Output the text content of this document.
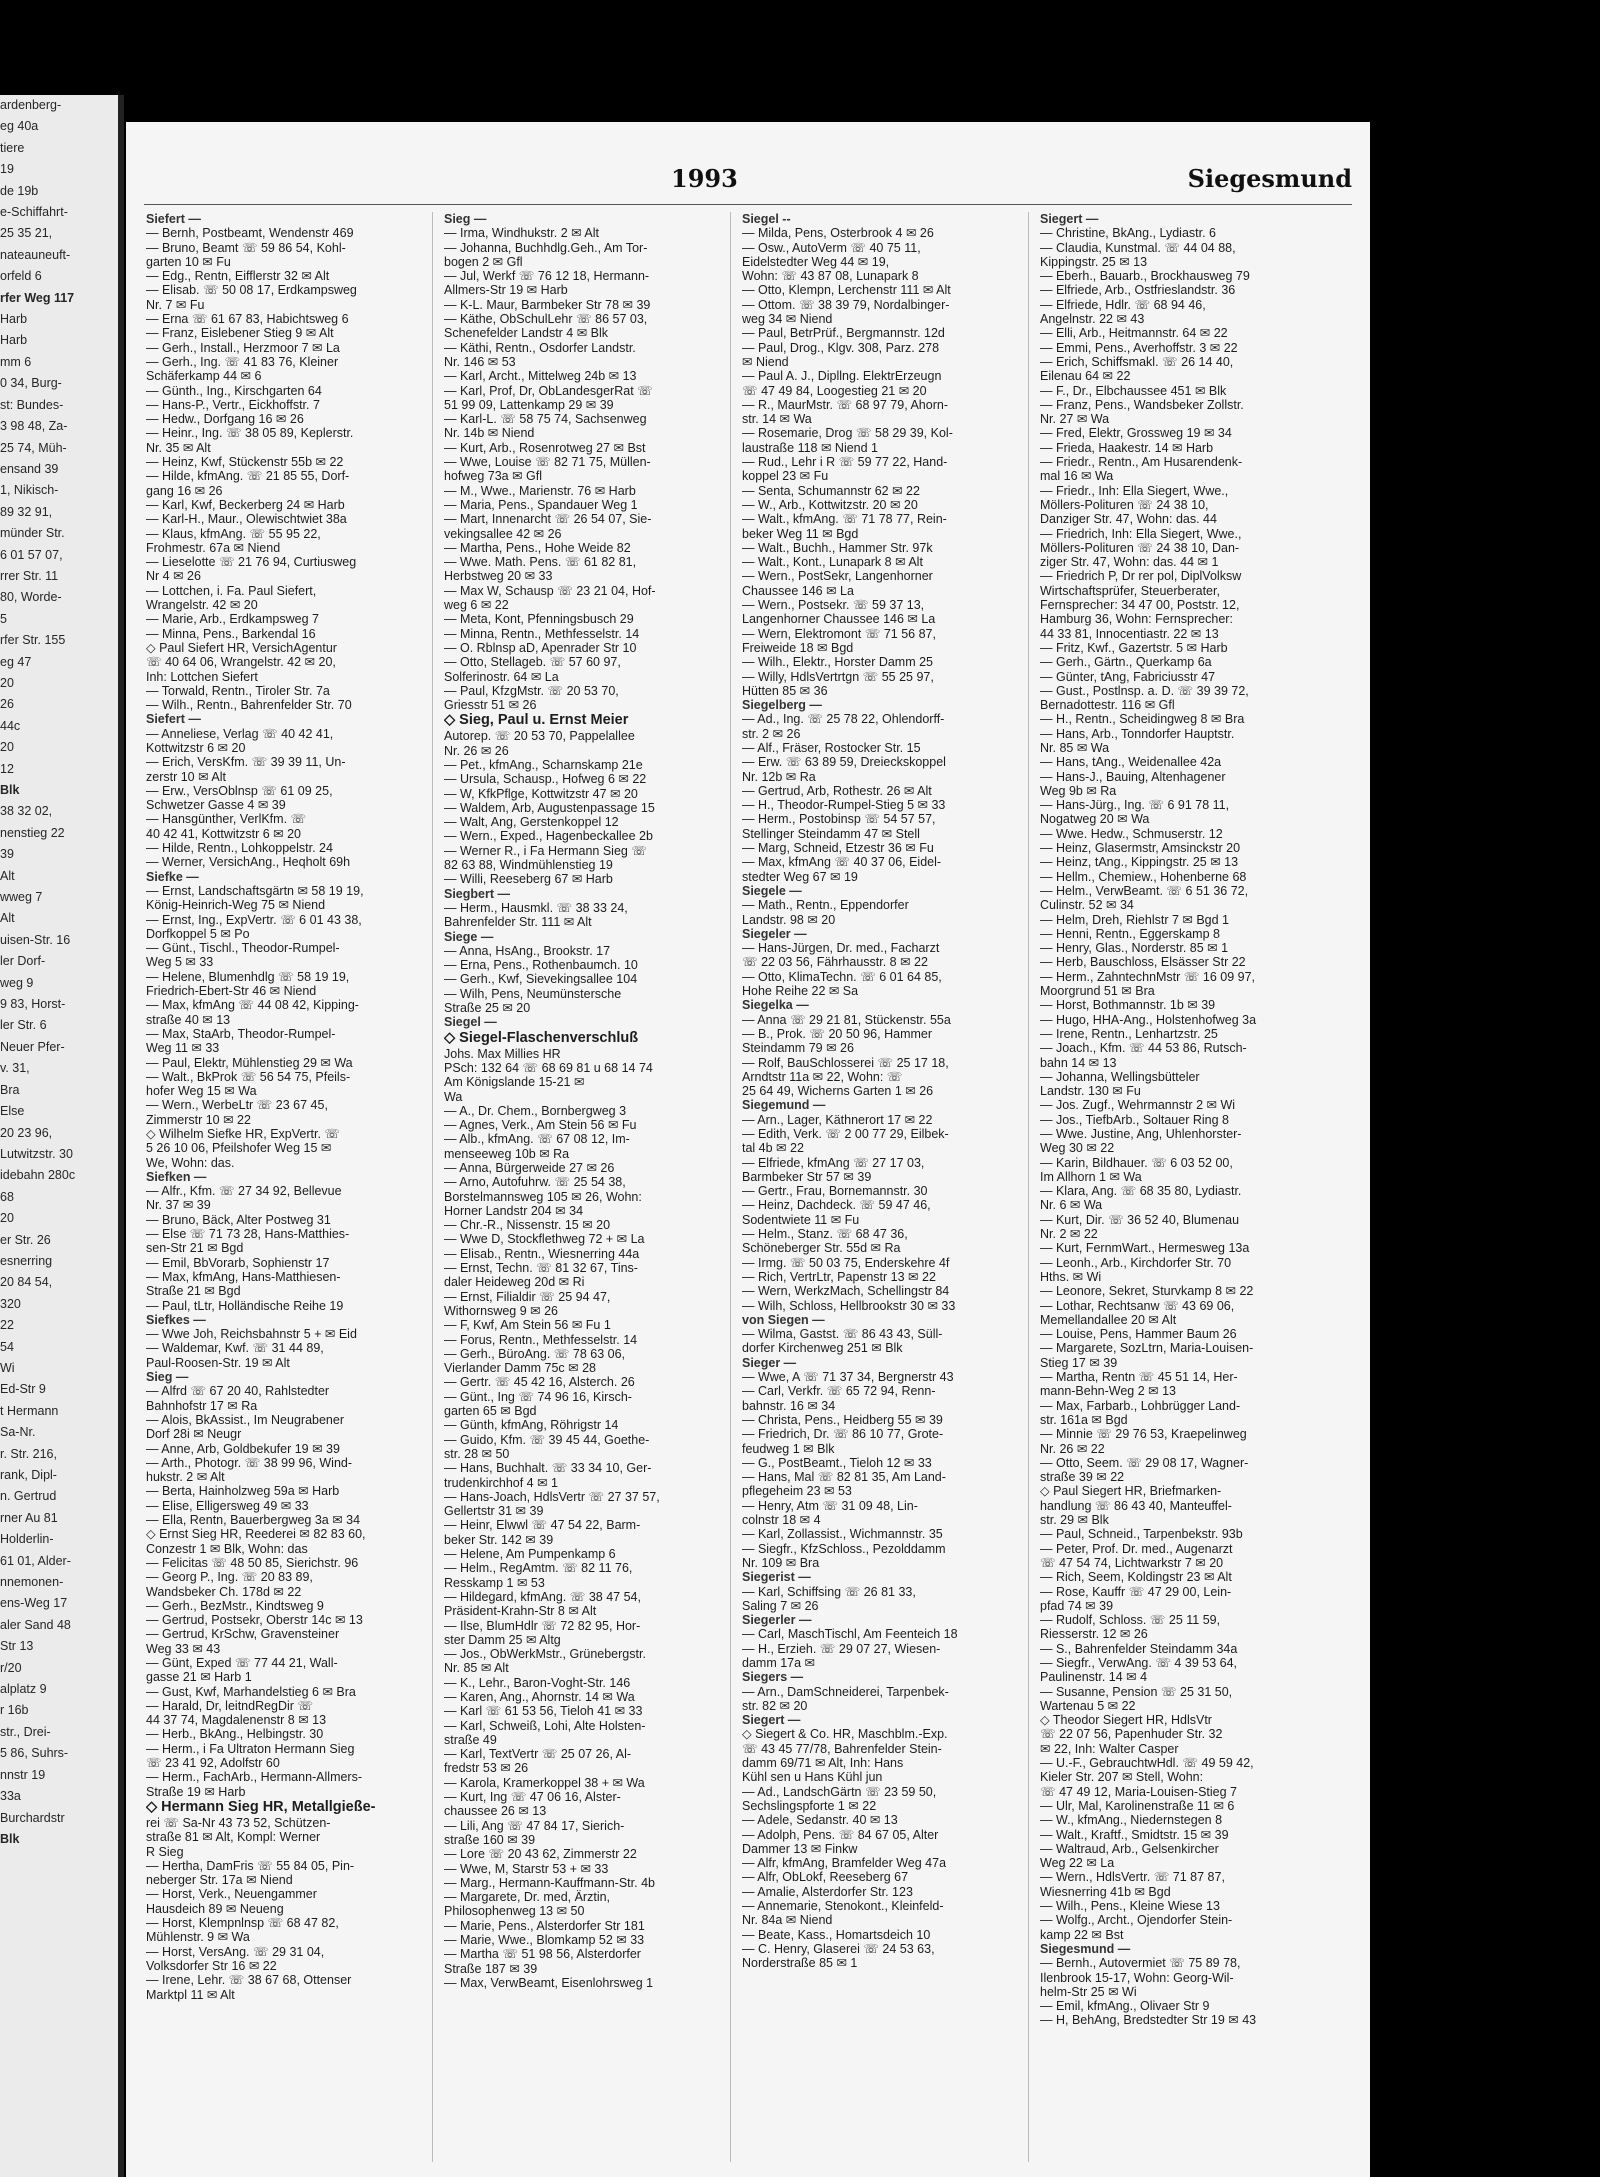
ardenberg-
eg 40a
tiere
19
de 19b
e-Schiffahrt-
25 35 21,
nateauneuft-
orfeld 6
rfer Weg 117
Harb
Harb
mm 6
0 34, Burg-
st: Bundes-
3 98 48, Za-
25 74, Müh-
ensand 39
1, Nikisch-
89 32 91,
münder Str.
6 01 57 07,
rrer Str. 11
80, Worde-
5
rfer Str. 155
eg 47
20
26
44c
20
12
Blk
38 32 02,
nenstieg 22
39
Alt
wweg 7
Alt
uisen-Str. 16
ler Dorf-
weg 9
9 83, Horst-
ler Str. 6
Neuer Pfer-
v. 31,
Bra
Else
20 23 96,
Lutwitzstr. 30
idebahn 280c
68
20
er Str. 26
esnerring
20 84 54,
320
22
54
Wi
Ed-Str 9
t Hermann
Sa-Nr.
r. Str. 216,
rank, Dipl-
n. Gertrud
rner Au 81
Holderlin-
61 01, Alder-
nnemonen-
ens-Weg 17
aler Sand 48
Str 13
r/20
alplatz 9
r 16b
str., Drei-
5 86, Suhrs-
nnstr 19
33a
Burchardstr
Blk
1993	Siegesmund
Siefert —
— Bernh, Postbeamt, Wendenstr 469
— Bruno, Beamt ☏ 59 86 54, Kohl-
garten 10 ✉ Fu
— Edg., Rentn, Eifflerstr 32 ✉ Alt
— Elisab. ☏ 50 08 17, Erdkampsweg
Nr. 7 ✉ Fu
— Erna ☏ 61 67 83, Habichtsweg 6
— Franz, Eislebener Stieg 9 ✉ Alt
— Gerh., Install., Herzmoor 7 ✉ La
— Gerh., Ing. ☏ 41 83 76, Kleiner
Schäferkamp 44 ✉ 6
— Günth., Ing., Kirschgarten 64
— Hans-P., Vertr., Eickhoffstr. 7
— Hedw., Dorfgang 16 ✉ 26
— Heinr., Ing. ☏ 38 05 89, Keplerstr.
Nr. 35 ✉ Alt
— Heinz, Kwf, Stückenstr 55b ✉ 22
— Hilde, kfmAng. ☏ 21 85 55, Dorf-
gang 16 ✉ 26
— Karl, Kwf, Beckerberg 24 ✉ Harb
— Karl-H., Maur., Olewischtwiet 38a
— Klaus, kfmAng. ☏ 55 95 22,
Frohmestr. 67a ✉ Niend
— Lieselotte ☏ 21 76 94, Curtiusweg
Nr 4 ✉ 26
— Lottchen, i. Fa. Paul Siefert,
Wrangelstr. 42 ✉ 20
— Marie, Arb., Erdkampsweg 7
— Minna, Pens., Barkendal 16
◇ Paul Siefert HR, VersichAgentur
☏ 40 64 06, Wrangelstr. 42 ✉ 20,
Inh: Lottchen Siefert
— Torwald, Rentn., Tiroler Str. 7a
— Wilh., Rentn., Bahrenfelder Str. 70
Siefert —
— Anneliese, Verlag ☏ 40 42 41,
Kottwitzstr 6 ✉ 20
— Erich, VersKfm. ☏ 39 39 11, Un-
zerstr 10 ✉ Alt
— Erw., VersOblnsp ☏ 61 09 25,
Schwetzer Gasse 4 ✉ 39
— Hansgünther, VerlKfm. ☏
40 42 41, Kottwitzstr 6 ✉ 20
— Hilde, Rentn., Lohkoppelstr. 24
— Werner, VersichAng., Heqholt 69h
Siefke —
— Ernst, Landschaftsgärtn ✉ 58 19 19,
König-Heinrich-Weg 75 ✉ Niend
— Ernst, Ing., ExpVertr. ☏ 6 01 43 38,
Dorfkoppel 5 ✉ Po
— Günt., Tischl., Theodor-Rumpel-
Weg 5 ✉ 33
— Helene, Blumenhdlg ☏ 58 19 19,
Friedrich-Ebert-Str 46 ✉ Niend
— Max, kfmAng ☏ 44 08 42, Kipping-
straße 40 ✉ 13
— Max, StaArb, Theodor-Rumpel-
Weg 11 ✉ 33
— Paul, Elektr, Mühlenstieg 29 ✉ Wa
— Walt., BkProk ☏ 56 54 75, Pfeils-
hofer Weg 15 ✉ Wa
— Wern., WerbeLtr ☏ 23 67 45,
Zimmerstr 10 ✉ 22
◇ Wilhelm Siefke HR, ExpVertr. ☏
5 26 10 06, Pfeilshofer Weg 15 ✉
We, Wohn: das.
Siefken —
— Alfr., Kfm. ☏ 27 34 92, Bellevue
Nr. 37 ✉ 39
— Bruno, Bäck, Alter Postweg 31
— Else ☏ 71 73 28, Hans-Matthies-
sen-Str 21 ✉ Bgd
— Emil, BbVorarb, Sophienstr 17
— Max, kfmAng, Hans-Matthiesen-
Straße 21 ✉ Bgd
— Paul, tLtr, Holländische Reihe 19
Siefkes —
— Wwe Joh, Reichsbahnstr 5 + ✉ Eid
— Waldemar, Kwf. ☏ 31 44 89,
Paul-Roosen-Str. 19 ✉ Alt
Sieg —
— Alfrd ☏ 67 20 40, Rahlstedter
Bahnhofstr 17 ✉ Ra
— Alois, BkAssist., Im Neugrabener
Dorf 28i ✉ Neugr
— Anne, Arb, Goldbekufer 19 ✉ 39
— Arth., Photogr. ☏ 38 99 96, Wind-
hukstr. 2 ✉ Alt
— Berta, Hainholzweg 59a ✉ Harb
— Elise, Elligersweg 49 ✉ 33
— Ella, Rentn, Bauerbergweg 3a ✉ 34
◇ Ernst Sieg HR, Reederei ✉ 82 83 60,
Conzestr 1 ✉ Blk, Wohn: das
— Felicitas ☏ 48 50 85, Sierichstr. 96
— Georg P., Ing. ☏ 20 83 89,
Wandsbeker Ch. 178d ✉ 22
— Gerh., BezMstr., Kindtsweg 9
— Gertrud, Postsekr, Oberstr 14c ✉ 13
— Gertrud, KrSchw, Gravensteiner
Weg 33 ✉ 43
— Günt, Exped ☏ 77 44 21, Wall-
gasse 21 ✉ Harb 1
— Gust, Kwf, Marhandelstieg 6 ✉ Bra
— Harald, Dr, leitndRegDir ☏
44 37 74, Magdalenenstr 8 ✉ 13
— Herb., BkAng., Helbingstr. 30
— Herm., i Fa Ultraton Hermann Sieg
☏ 23 41 92, Adolfstr 60
— Herm., FachArb., Hermann-Allmers-
Straße 19 ✉ Harb
◇ Hermann Sieg HR, Metallgieße-
rei ☏ Sa-Nr 43 73 52, Schützen-
straße 81 ✉ Alt, Kompl: Werner
R Sieg
— Hertha, DamFris ☏ 55 84 05, Pin-
neberger Str. 17a ✉ Niend
— Horst, Verk., Neuengammer
Hausdeich 89 ✉ Neueng
— Horst, Klempnlnsp ☏ 68 47 82,
Mühlenstr. 9 ✉ Wa
— Horst, VersAng. ☏ 29 31 04,
Volksdorfer Str 16 ✉ 22
— Irene, Lehr. ☏ 38 67 68, Ottenser
Marktpl 11 ✉ Alt
Sieg —
— Irma, Windhukstr. 2 ✉ Alt
— Johanna, Buchhdlg.Geh., Am Tor-
bogen 2 ✉ Gfl
— Jul, Werkf ☏ 76 12 18, Hermann-
Allmers-Str 19 ✉ Harb
— K-L. Maur, Barmbeker Str 78 ✉ 39
— Käthe, ObSchulLehr ☏ 86 57 03,
Schenefelder Landstr 4 ✉ Blk
— Käthi, Rentn., Osdorfer Landstr.
Nr. 146 ✉ 53
— Karl, Archt., Mittelweg 24b ✉ 13
— Karl, Prof, Dr, ObLandesgerRat ☏
51 99 09, Lattenkamp 29 ✉ 39
— Karl-L. ☏ 58 75 74, Sachsenweg
Nr. 14b ✉ Niend
— Kurt, Arb., Rosenrotweg 27 ✉ Bst
— Wwe, Louise ☏ 82 71 75, Müllen-
hofweg 73a ✉ Gfl
— M., Wwe., Marienstr. 76 ✉ Harb
— Maria, Pens., Spandauer Weg 1
— Mart, Innenarcht ☏ 26 54 07, Sie-
vekingsallee 42 ✉ 26
— Martha, Pens., Hohe Weide 82
— Wwe. Math. Pens. ☏ 61 82 81,
Herbstweg 20 ✉ 33
— Max W, Schausp ☏ 23 21 04, Hof-
weg 6 ✉ 22
— Meta, Kont, Pfenningsbusch 29
— Minna, Rentn., Methfesselstr. 14
— O. Rblnsp aD, Apenrader Str 10
— Otto, Stellageb. ☏ 57 60 97,
Solferinostr. 64 ✉ La
— Paul, KfzgMstr. ☏ 20 53 70,
Griesstr 51 ✉ 26
◇ Sieg, Paul u. Ernst Meier
Autorep. ☏ 20 53 70, Pappelallee
Nr. 26 ✉ 26
— Pet., kfmAng., Scharnskamp 21e
— Ursula, Schausp., Hofweg 6 ✉ 22
— W, KfkPflge, Kottwitzstr 47 ✉ 20
— Waldem, Arb, Augustenpassage 15
— Walt, Ang, Gerstenkoppel 12
— Wern., Exped., Hagenbeckallee 2b
— Werner R., i Fa Hermann Sieg ☏
82 63 88, Windmühlenstieg 19
— Willi, Reeseberg 67 ✉ Harb
Siegbert —
— Herm., Hausmkl. ☏ 38 33 24,
Bahrenfelder Str. 111 ✉ Alt
Siege —
— Anna, HsAng., Brookstr. 17
— Erna, Pens., Rothenbaumch. 10
— Gerh., Kwf, Sievekingsallee 104
— Wilh, Pens, Neumünstersche
Straße 25 ✉ 20
Siegel —
◇ Siegel-Flaschenverschluß
Johs. Max Millies HR
PSch: 132 64 ☏ 68 69 81 u 68 14 74
Am Königslande 15-21 ✉
Wa
— A., Dr. Chem., Bornbergweg 3
— Agnes, Verk., Am Stein 56 ✉ Fu
— Alb., kfmAng. ☏ 67 08 12, Im-
menseeweg 10b ✉ Ra
— Anna, Bürgerweide 27 ✉ 26
— Arno, Autofuhrw. ☏ 25 54 38,
Borstelmannsweg 105 ✉ 26, Wohn:
Horner Landstr 204 ✉ 34
— Chr.-R., Nissenstr. 15 ✉ 20
— Wwe D, Stockflethweg 72 + ✉ La
— Elisab., Rentn., Wiesnerring 44a
— Ernst, Techn. ☏ 81 32 67, Tins-
daler Heideweg 20d ✉ Ri
— Ernst, Filialdir ☏ 25 94 47,
Withornsweg 9 ✉ 26
— F, Kwf, Am Stein 56 ✉ Fu 1
— Forus, Rentn., Methfesselstr. 14
— Gerh., BüroAng. ☏ 78 63 06,
Vierlander Damm 75c ✉ 28
— Gertr. ☏ 45 42 16, Alsterch. 26
— Günt., Ing ☏ 74 96 16, Kirsch-
garten 65 ✉ Bgd
— Günth, kfmAng, Röhrigstr 14
— Guido, Kfm. ☏ 39 45 44, Goethe-
str. 28 ✉ 50
— Hans, Buchhalt. ☏ 33 34 10, Ger-
trudenkirchhof 4 ✉ 1
— Hans-Joach, HdlsVertr ☏ 27 37 57,
Gellertstr 31 ✉ 39
— Heinr, Elwwl ☏ 47 54 22, Barm-
beker Str. 142 ✉ 39
— Helene, Am Pumpenkamp 6
— Helm., RegAmtm. ☏ 82 11 76,
Resskamp 1 ✉ 53
— Hildegard, kfmAng. ☏ 38 47 54,
Präsident-Krahn-Str 8 ✉ Alt
— Ilse, BlumHdlr ☏ 72 82 95, Hor-
ster Damm 25 ✉ Altg
— Jos., ObWerkMstr., Grünebergstr.
Nr. 85 ✉ Alt
— K., Lehr., Baron-Voght-Str. 146
— Karen, Ang., Ahornstr. 14 ✉ Wa
— Karl ☏ 61 53 56, Tieloh 41 ✉ 33
— Karl, Schweiß, Lohi, Alte Holsten-
straße 49
— Karl, TextVertr ☏ 25 07 26, Al-
fredstr 53 ✉ 26
— Karola, Kramerkoppel 38 + ✉ Wa
— Kurt, Ing ☏ 47 06 16, Alster-
chaussee 26 ✉ 13
— Lili, Ang ☏ 47 84 17, Sierich-
straße 160 ✉ 39
— Lore ☏ 20 43 62, Zimmerstr 22
— Wwe, M, Starstr 53 + ✉ 33
— Marg., Hermann-Kauffmann-Str. 4b
— Margarete, Dr. med, Ärztin,
Philosophenweg 13 ✉ 50
— Marie, Pens., Alsterdorfer Str 181
— Marie, Wwe., Blomkamp 52 ✉ 33
— Martha ☏ 51 98 56, Alsterdorfer
Straße 187 ✉ 39
— Max, VerwBeamt, Eisenlohrsweg 1
Siegel --
— Milda, Pens, Osterbrook 4 ✉ 26
— Osw., AutoVerm ☏ 40 75 11,
Eidelstedter Weg 44 ✉ 19,
Wohn: ☏ 43 87 08, Lunapark 8
— Otto, Klempn, Lerchenstr 111 ✉ Alt
— Ottom. ☏ 38 39 79, Nordalbinger-
weg 34 ✉ Niend
— Paul, BetrPrüf., Bergmannstr. 12d
— Paul, Drog., Klgv. 308, Parz. 278
✉ Niend
— Paul A. J., Dipllng. ElektrErzeugn
☏ 47 49 84, Loogestieg 21 ✉ 20
— R., MaurMstr. ☏ 68 97 79, Ahorn-
str. 14 ✉ Wa
— Rosemarie, Drog ☏ 58 29 39, Kol-
laustraße 118 ✉ Niend 1
— Rud., Lehr i R ☏ 59 77 22, Hand-
koppel 23 ✉ Fu
— Senta, Schumannstr 62 ✉ 22
— W., Arb., Kottwitzstr. 20 ✉ 20
— Walt., kfmAng. ☏ 71 78 77, Rein-
beker Weg 11 ✉ Bgd
— Walt., Buchh., Hammer Str. 97k
— Walt., Kont., Lunapark 8 ✉ Alt
— Wern., PostSekr, Langenhorner
Chaussee 146 ✉ La
— Wern., Postsekr. ☏ 59 37 13,
Langenhorner Chaussee 146 ✉ La
— Wern, Elektromont ☏ 71 56 87,
Freiweide 18 ✉ Bgd
— Wilh., Elektr., Horster Damm 25
— Willy, HdlsVertrtgn ☏ 55 25 97,
Hütten 85 ✉ 36
Siegelberg —
— Ad., Ing. ☏ 25 78 22, Ohlendorff-
str. 2 ✉ 26
— Alf., Fräser, Rostocker Str. 15
— Erw. ☏ 63 89 59, Dreieckskoppel
Nr. 12b ✉ Ra
— Gertrud, Arb, Rothestr. 26 ✉ Alt
— H., Theodor-Rumpel-Stieg 5 ✉ 33
— Herm., Postobinsp ☏ 54 57 57,
Stellinger Steindamm 47 ✉ Stell
— Marg, Schneid, Etzestr 36 ✉ Fu
— Max, kfmAng ☏ 40 37 06, Eidel-
stedter Weg 67 ✉ 19
Siegele —
— Math., Rentn., Eppendorfer
Landstr. 98 ✉ 20
Siegeler —
— Hans-Jürgen, Dr. med., Facharzt
☏ 22 03 56, Fährhausstr. 8 ✉ 22
— Otto, KlimaTechn. ☏ 6 01 64 85,
Hohe Reihe 22 ✉ Sa
Siegelka —
— Anna ☏ 29 21 81, Stückenstr. 55a
— B., Prok. ☏ 20 50 96, Hammer
Steindamm 79 ✉ 26
— Rolf, BauSchlosserei ☏ 25 17 18,
Arndtstr 11a ✉ 22, Wohn: ☏
25 64 49, Wicherns Garten 1 ✉ 26
Siegemund —
— Arn., Lager, Käthnerort 17 ✉ 22
— Edith, Verk. ☏ 2 00 77 29, Eilbek-
tal 4b ✉ 22
— Elfriede, kfmAng ☏ 27 17 03,
Barmbeker Str 57 ✉ 39
— Gertr., Frau, Bornemannstr. 30
— Heinz, Dachdeck. ☏ 59 47 46,
Sodentwiete 11 ✉ Fu
— Helm., Stanz. ☏ 68 47 36,
Schöneberger Str. 55d ✉ Ra
— Irmg. ☏ 50 03 75, Enderskehre 4f
— Rich, VertrLtr, Papenstr 13 ✉ 22
— Wern, WerkzMach, Schellingstr 84
— Wilh, Schloss, Hellbrookstr 30 ✉ 33
von Siegen —
— Wilma, Gastst. ☏ 86 43 43, Süll-
dorfer Kirchenweg 251 ✉ Blk
Sieger —
— Wwe, A ☏ 71 37 34, Bergnerstr 43
— Carl, Verkfr. ☏ 65 72 94, Renn-
bahnstr. 16 ✉ 34
— Christa, Pens., Heidberg 55 ✉ 39
— Friedrich, Dr. ☏ 86 10 77, Grote-
feudweg 1 ✉ Blk
— G., PostBeamt., Tieloh 12 ✉ 33
— Hans, Mal ☏ 82 81 35, Am Land-
pflegeheim 23 ✉ 53
— Henry, Atm ☏ 31 09 48, Lin-
colnstr 18 ✉ 4
— Karl, Zollassist., Wichmannstr. 35
— Siegfr., KfzSchloss., Pezolddamm
Nr. 109 ✉ Bra
Siegerist —
— Karl, Schiffsing ☏ 26 81 33,
Saling 7 ✉ 26
Siegerler —
— Carl, MaschTischl, Am Feenteich 18
— H., Erzieh. ☏ 29 07 27, Wiesen-
damm 17a ✉
Siegers —
— Arn., DamSchneiderei, Tarpenbek-
str. 82 ✉ 20
Siegert —
◇ Siegert & Co. HR, Maschblm.-Exp.
☏ 43 45 77/78, Bahrenfelder Stein-
damm 69/71 ✉ Alt, Inh: Hans
Kühl sen u Hans Kühl jun
— Ad., LandschGärtn ☏ 23 59 50,
Sechslingspforte 1 ✉ 22
— Adele, Sedanstr. 40 ✉ 13
— Adolph, Pens. ☏ 84 67 05, Alter
Dammer 13 ✉ Finkw
— Alfr, kfmAng, Bramfelder Weg 47a
— Alfr, ObLokf, Reeseberg 67
— Amalie, Alsterdorfer Str. 123
— Annemarie, Stenokont., Kleinfeld-
Nr. 84a ✉ Niend
— Beate, Kass., Homartsdeich 10
— C. Henry, Glaserei ☏ 24 53 63,
Norderstraße 85 ✉ 1
Siegert —
— Christine, BkAng., Lydiastr. 6
— Claudia, Kunstmal. ☏ 44 04 88,
Kippingstr. 25 ✉ 13
— Eberh., Bauarb., Brockhausweg 79
— Elfriede, Arb., Ostfrieslandstr. 36
— Elfriede, Hdlr. ☏ 68 94 46,
Angelnstr. 22 ✉ 43
— Elli, Arb., Heitmannstr. 64 ✉ 22
— Emmi, Pens., Averhoffstr. 3 ✉ 22
— Erich, Schiffsmakl. ☏ 26 14 40,
Eilenau 64 ✉ 22
— F., Dr., Elbchaussee 451 ✉ Blk
— Franz, Pens., Wandsbeker Zollstr.
Nr. 27 ✉ Wa
— Fred, Elektr, Grossweg 19 ✉ 34
— Frieda, Haakestr. 14 ✉ Harb
— Friedr., Rentn., Am Husarendenk-
mal 16 ✉ Wa
— Friedr., Inh: Ella Siegert, Wwe.,
Möllers-Polituren ☏ 24 38 10,
Danziger Str. 47, Wohn: das. 44
— Friedrich, Inh: Ella Siegert, Wwe.,
Möllers-Polituren ☏ 24 38 10, Dan-
ziger Str. 47, Wohn: das. 44 ✉ 1
— Friedrich P, Dr rer pol, DiplVolksw
Wirtschaftsprüfer, Steuerberater,
Fernsprecher: 34 47 00, Poststr. 12,
Hamburg 36, Wohn: Fernsprecher:
44 33 81, Innocentiastr. 22 ✉ 13
— Fritz, Kwf., Gazertstr. 5 ✉ Harb
— Gerh., Gärtn., Querkamp 6a
— Günter, tAng, Fabriciusstr 47
— Gust., Postlnsp. a. D. ☏ 39 39 72,
Bernadottestr. 116 ✉ Gfl
— H., Rentn., Scheidingweg 8 ✉ Bra
— Hans, Arb., Tonndorfer Hauptstr.
Nr. 85 ✉ Wa
— Hans, tAng., Weidenallee 42a
— Hans-J., Bauing, Altenhagener
Weg 9b ✉ Ra
— Hans-Jürg., Ing. ☏ 6 91 78 11,
Nogatweg 20 ✉ Wa
— Wwe. Hedw., Schmuserstr. 12
— Heinz, Glasermstr, Amsinckstr 20
— Heinz, tAng., Kippingstr. 25 ✉ 13
— Hellm., Chemiew., Hohenberne 68
— Helm., VerwBeamt. ☏ 6 51 36 72,
Culinstr. 52 ✉ 34
— Helm, Dreh, Riehlstr 7 ✉ Bgd 1
— Henni, Rentn., Eggerskamp 8
— Henry, Glas., Norderstr. 85 ✉ 1
— Herb, Bauschloss, Elsässer Str 22
— Herm., ZahntechnMstr ☏ 16 09 97,
Moorgrund 51 ✉ Bra
— Horst, Bothmannstr. 1b ✉ 39
— Hugo, HHA-Ang., Holstenhofweg 3a
— Irene, Rentn., Lenhartzstr. 25
— Joach., Kfm. ☏ 44 53 86, Rutsch-
bahn 14 ✉ 13
— Johanna, Wellingsbütteler
Landstr. 130 ✉ Fu
— Jos. Zugf., Wehrmannstr 2 ✉ Wi
— Jos., TiefbArb., Soltauer Ring 8
— Wwe. Justine, Ang, Uhlenhorster-
Weg 30 ✉ 22
— Karin, Bildhauer. ☏ 6 03 52 00,
Im Allhorn 1 ✉ Wa
— Klara, Ang. ☏ 68 35 80, Lydiastr.
Nr. 6 ✉ Wa
— Kurt, Dir. ☏ 36 52 40, Blumenau
Nr. 2 ✉ 22
— Kurt, FernmWart., Hermesweg 13a
— Leonh., Arb., Kirchdorfer Str. 70
Hths. ✉ Wi
— Leonore, Sekret, Sturvkamp 8 ✉ 22
— Lothar, Rechtsanw ☏ 43 69 06,
Memellandallee 20 ✉ Alt
— Louise, Pens, Hammer Baum 26
— Margarete, SozLtrn, Maria-Louisen-
Stieg 17 ✉ 39
— Martha, Rentn ☏ 45 51 14, Her-
mann-Behn-Weg 2 ✉ 13
— Max, Farbarb., Lohbrügger Land-
str. 161a ✉ Bgd
— Minnie ☏ 29 76 53, Kraepelinweg
Nr. 26 ✉ 22
— Otto, Seem. ☏ 29 08 17, Wagner-
straße 39 ✉ 22
◇ Paul Siegert HR, Briefmarken-
handlung ☏ 86 43 40, Manteuffel-
str. 29 ✉ Blk
— Paul, Schneid., Tarpenbekstr. 93b
— Peter, Prof. Dr. med., Augenarzt
☏ 47 54 74, Lichtwarkstr 7 ✉ 20
— Rich, Seem, Koldingstr 23 ✉ Alt
— Rose, Kauffr ☏ 47 29 00, Lein-
pfad 74 ✉ 39
— Rudolf, Schloss. ☏ 25 11 59,
Riesserstr. 12 ✉ 26
— S., Bahrenfelder Steindamm 34a
— Siegfr., VerwAng. ☏ 4 39 53 64,
Paulinenstr. 14 ✉ 4
— Susanne, Pension ☏ 25 31 50,
Wartenau 5 ✉ 22
◇ Theodor Siegert HR, HdlsVtr
☏ 22 07 56, Papenhuder Str. 32
✉ 22, Inh: Walter Casper
— U.-F., GebrauchtwHdl. ☏ 49 59 42,
Kieler Str. 207 ✉ Stell, Wohn:
☏ 47 49 12, Maria-Louisen-Stieg 7
— Ulr, Mal, Karolinenstraße 11 ✉ 6
— W., kfmAng., Niedernstegen 8
— Walt., Kraftf., Smidtstr. 15 ✉ 39
— Waltraud, Arb., Gelsenkircher
Weg 22 ✉ La
— Wern., HdlsVertr. ☏ 71 87 87,
Wiesnerring 41b ✉ Bgd
— Wilh., Pens., Kleine Wiese 13
— Wolfg., Archt., Ojendorfer Stein-
kamp 22 ✉ Bst
Siegesmund —
— Bernh., Autovermiet ☏ 75 89 78,
Ilenbrook 15-17, Wohn: Georg-Wil-
helm-Str 25 ✉ Wi
— Emil, kfmAng., Olivaer Str 9
— H, BehAng, Bredstedter Str 19 ✉ 43
